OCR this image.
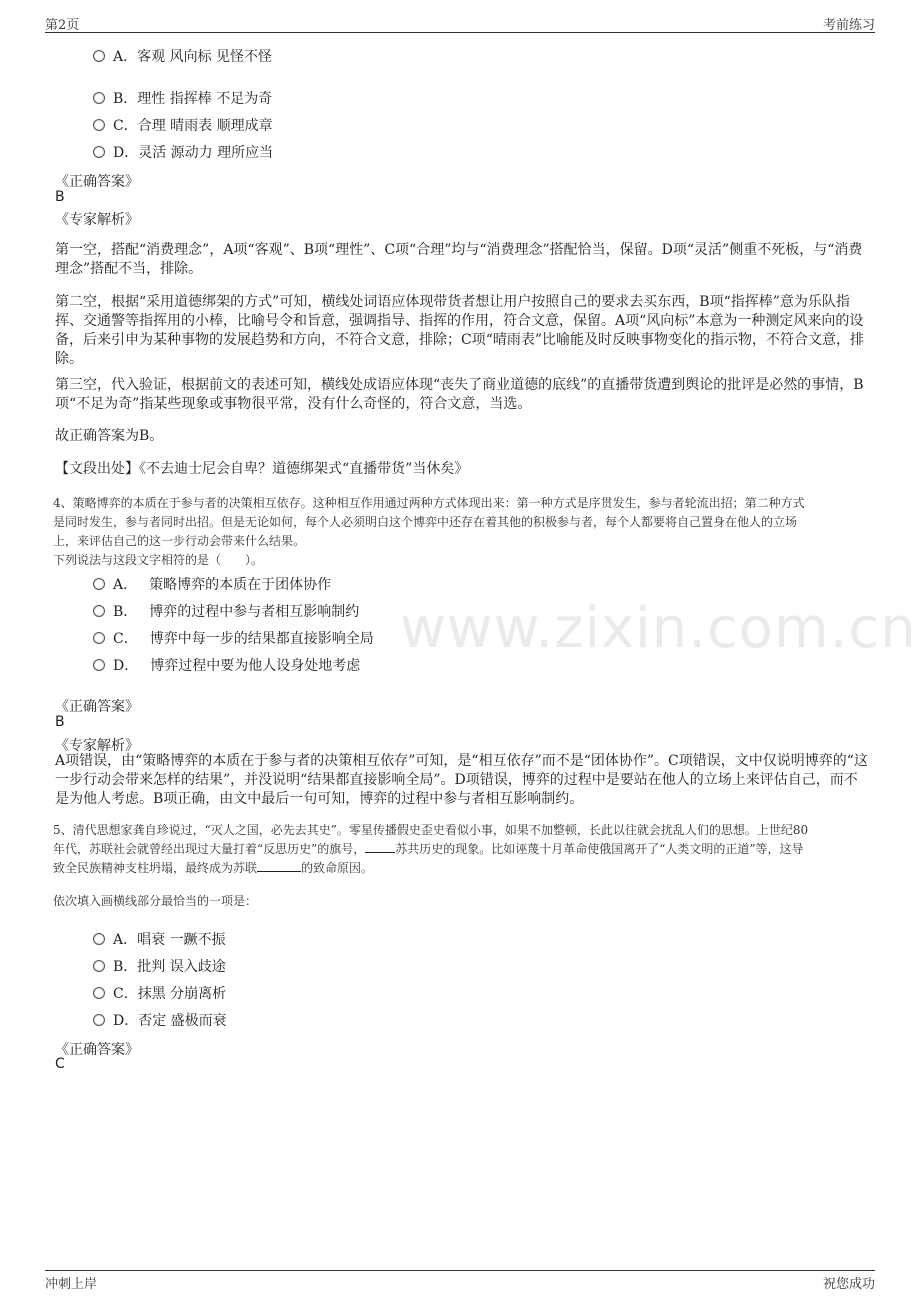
第2页	考前练习
www.zixin.com.cn
A．客观 风向标 见怪不怪
B．理性 指挥棒 不足为奇
C．合理 晴雨表 顺理成章
D．灵活 源动力 理所应当
《正确答案》
B
《专家解析》
第一空，搭配“消费理念”，A项“客观”、B项“理性”、C项“合理”均与“消费理念”搭配恰当，保留。D项“灵活”侧重不死板，与“消费理念”搭配不当，排除。
第二空，根据“采用道德绑架的方式”可知，横线处词语应体现带货者想让用户按照自己的要求去买东西，B项“指挥棒”意为乐队指挥、交通警等指挥用的小棒，比喻号令和旨意，强调指导、指挥的作用，符合文意，保留。A项“风向标”本意为一种测定风来向的设备，后来引申为某种事物的发展趋势和方向，不符合文意，排除；C项“晴雨表”比喻能及时反映事物变化的指示物，不符合文意，排除。
第三空，代入验证，根据前文的表述可知，横线处成语应体现“丧失了商业道德的底线”的直播带货遭到舆论的批评是必然的事情，B项“不足为奇”指某些现象或事物很平常，没有什么奇怪的，符合文意，当选。
故正确答案为B。
【文段出处】《不去迪士尼会自卑？道德绑架式“直播带货”当休矣》
4、策略博弈的本质在于参与者的决策相互依存。这种相互作用通过两种方式体现出来：第一种方式是序贯发生，参与者轮流出招；第二种方式
是同时发生，参与者同时出招。但是无论如何，每个人必须明白这个博弈中还存在着其他的积极参与者，每个人都要将自己置身在他人的立场
上，来评估自己的这一步行动会带来什么结果。
下列说法与这段文字相符的是（　　）。
A． 策略博弈的本质在于团体协作
B． 博弈的过程中参与者相互影响制约
C． 博弈中每一步的结果都直接影响全局
D． 博弈过程中要为他人设身处地考虑
《正确答案》
B
《专家解析》
A项错误，由“策略博弈的本质在于参与者的决策相互依存”可知，是“相互依存”而不是“团体协作”。C项错误，文中仅说明博弈的“这一步行动会带来怎样的结果”，并没说明“结果都直接影响全局”。D项错误，博弈的过程中是要站在他人的立场上来评估自己，而不是为他人考虑。B项正确，由文中最后一句可知，博弈的过程中参与者相互影响制约。
5、清代思想家龚自珍说过，“灭人之国，必先去其史”。零星传播假史歪史看似小事，如果不加整顿，长此以往就会扰乱人们的思想。上世纪80
年代，苏联社会就曾经出现过大量打着“反思历史”的旗号，	苏共历史的现象。比如诬蔑十月革命使俄国离开了“人类文明的正道”等，这导
致全民族精神支柱坍塌，最终成为苏联	的致命原因。
依次填入画横线部分最恰当的一项是：
A．唱衰 一蹶不振
B．批判 误入歧途
C．抹黑 分崩离析
D．否定 盛极而衰
《正确答案》
C
冲刺上岸	祝您成功
